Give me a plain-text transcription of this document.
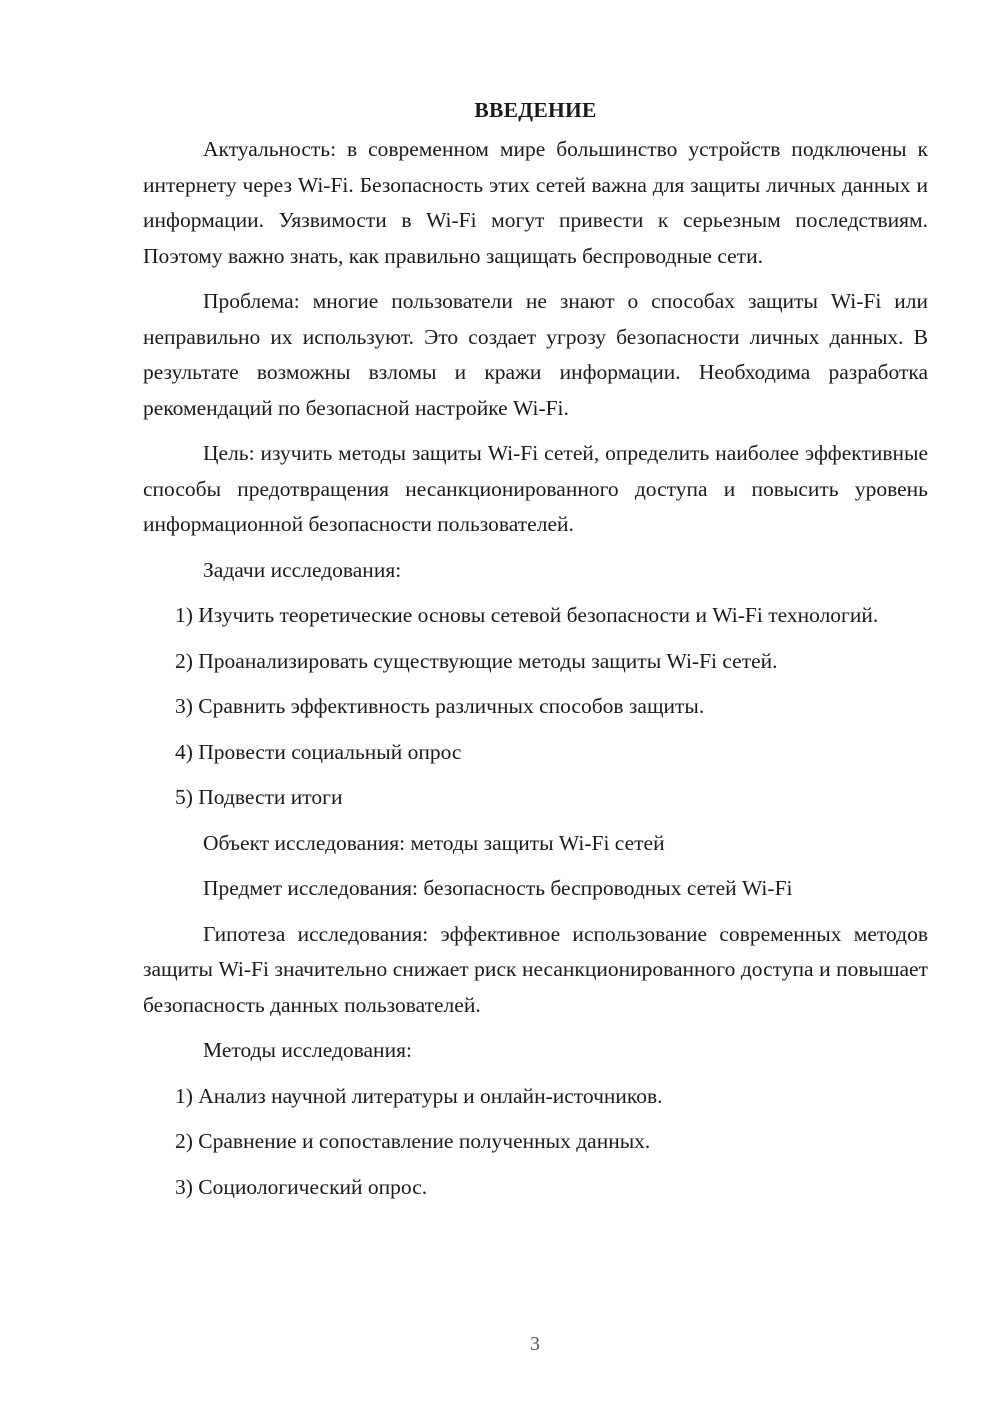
ВВЕДЕНИЕ

Актуальность: в современном мире большинство устройств подключены к интернету через Wi-Fi. Безопасность этих сетей важна для защиты личных данных и информации. Уязвимости в Wi-Fi могут привести к серьезным последствиям. Поэтому важно знать, как правильно защищать беспроводные сети.

Проблема: многие пользователи не знают о способах защиты Wi-Fi или неправильно их используют. Это создает угрозу безопасности личных данных. В результате возможны взломы и кражи информации. Необходима разработка рекомендаций по безопасной настройке Wi-Fi.

Цель: изучить методы защиты Wi-Fi сетей, определить наиболее эффективные способы предотвращения несанкционированного доступа и повысить уровень информационной безопасности пользователей.

Задачи исследования:

1) Изучить теоретические основы сетевой безопасности и Wi-Fi технологий.

2) Проанализировать существующие методы защиты Wi-Fi сетей.

3) Сравнить эффективность различных способов защиты.

4) Провести социальный опрос

5) Подвести итоги

Объект исследования: методы защиты Wi-Fi сетей

Предмет исследования: безопасность беспроводных сетей Wi-Fi

Гипотеза исследования: эффективное использование современных методов защиты Wi-Fi значительно снижает риск несанкционированного доступа и повышает безопасность данных пользователей.

Методы исследования:

1) Анализ научной литературы и онлайн-источников.

2) Сравнение и сопоставление полученных данных.

3) Социологический опрос.

3
